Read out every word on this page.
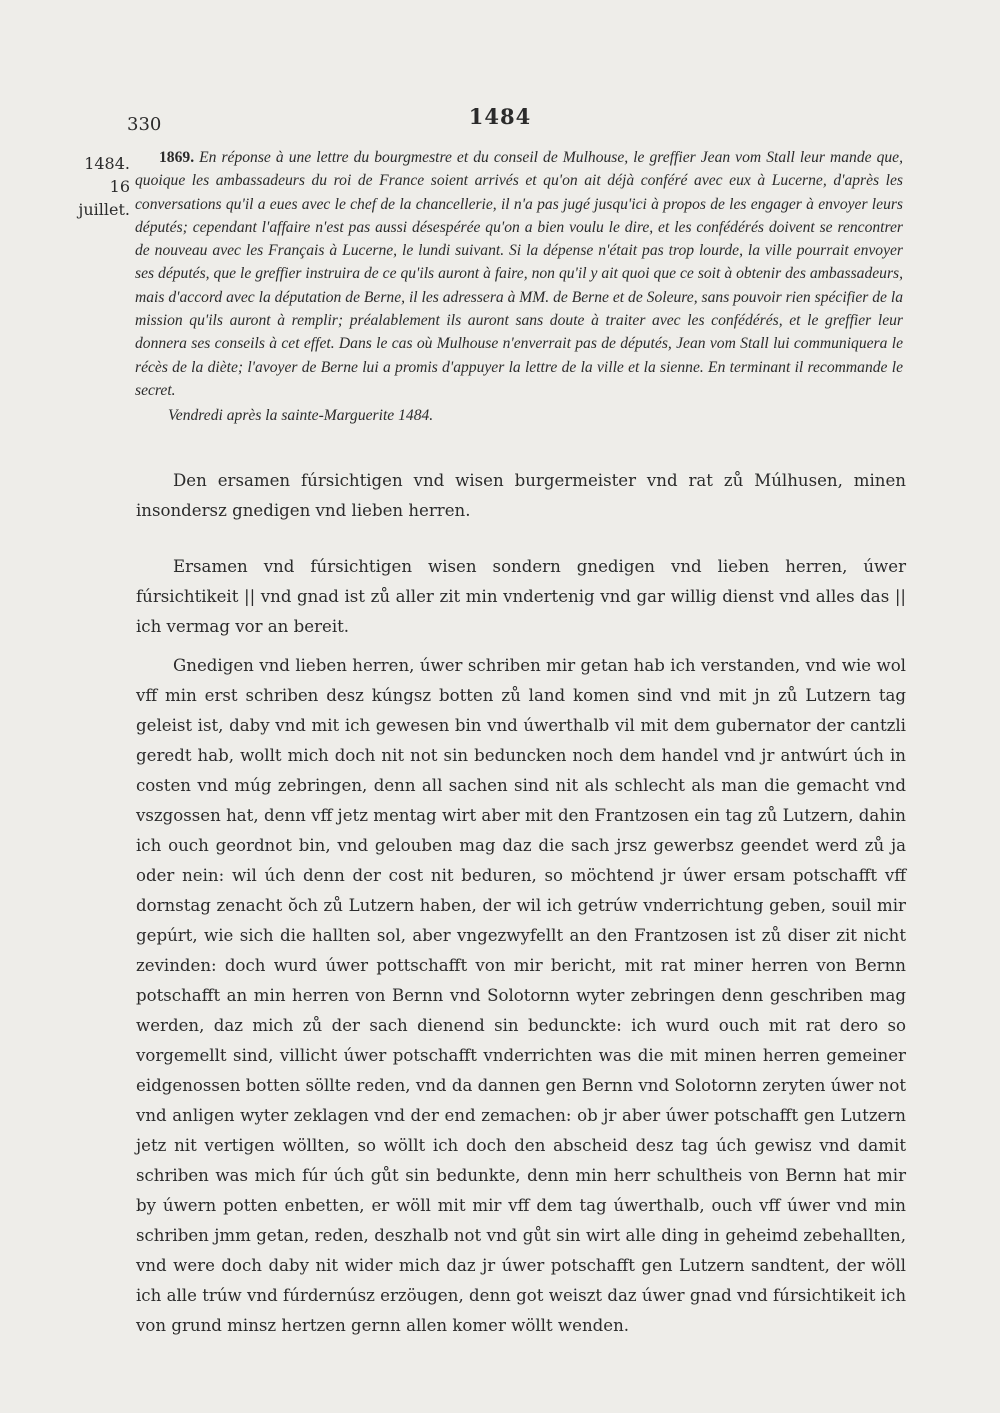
330	1484
1484.
16 juillet.
1869. En réponse à une lettre du bourgmestre et du conseil de Mulhouse, le greffier Jean vom Stall leur mande que, quoique les ambassadeurs du roi de France soient arrivés et qu'on ait déjà conféré avec eux à Lucerne, d'après les conversations qu'il a eues avec le chef de la chancellerie, il n'a pas jugé jusqu'ici à propos de les engager à envoyer leurs députés; cependant l'affaire n'est pas aussi désespérée qu'on a bien voulu le dire, et les confédérés doivent se rencontrer de nouveau avec les Français à Lucerne, le lundi suivant. Si la dépense n'était pas trop lourde, la ville pourrait envoyer ses députés, que le greffier instruira de ce qu'ils auront à faire, non qu'il y ait quoi que ce soit à obtenir des ambassadeurs, mais d'accord avec la députation de Berne, il les adressera à MM. de Berne et de Soleure, sans pouvoir rien spécifier de la mission qu'ils auront à remplir; préalablement ils auront sans doute à traiter avec les confédérés, et le greffier leur donnera ses conseils à cet effet. Dans le cas où Mulhouse n'enverrait pas de députés, Jean vom Stall lui communiquera le récès de la diète; l'avoyer de Berne lui a promis d'appuyer la lettre de la ville et la sienne. En terminant il recommande le secret.
Vendredi après la sainte-Marguerite 1484.

Den ersamen fúrsichtigen vnd wisen burgermeister vnd rat zů Múlhusen, minen insondersz gnedigen vnd lieben herren.

Ersamen vnd fúrsichtigen wisen sondern gnedigen vnd lieben herren, úwer fúrsichtikeit || vnd gnad ist zů aller zit min vndertenig vnd gar willig dienst vnd alles das || ich vermag vor an bereit.

Gnedigen vnd lieben herren, úwer schriben mir getan hab ich verstanden, vnd wie wol vff min erst schriben desz kúngsz botten zů land komen sind vnd mit jn zů Lutzern tag geleist ist, daby vnd mit ich gewesen bin vnd úwerthalb vil mit dem gubernator der cantzli geredt hab, wollt mich doch nit not sin beduncken noch dem handel vnd jr antwúrt úch in costen vnd múg zebringen, denn all sachen sind nit als schlecht als man die gemacht vnd vszgossen hat, denn vff jetz mentag wirt aber mit den Frantzosen ein tag zů Lutzern, dahin ich ouch geordnot bin, vnd gelouben mag daz die sach jrsz gewerbsz geendet werd zů ja oder nein: wil úch denn der cost nit beduren, so möchtend jr úwer ersam potschafft vff dornstag zenacht ŏch zů Lutzern haben, der wil ich getrúw vnderrichtung geben, souil mir gepúrt, wie sich die hallten sol, aber vngezwyfellt an den Frantzosen ist zů diser zit nicht zevinden: doch wurd úwer pottschafft von mir bericht, mit rat miner herren von Bernn potschafft an min herren von Bernn vnd Solotornn wyter zebringen denn geschriben mag werden, daz mich zů der sach dienend sin bedunckte: ich wurd ouch mit rat dero so vorgemellt sind, villicht úwer potschafft vnderrichten was die mit minen herren gemeiner eidgenossen botten söllte reden, vnd da dannen gen Bernn vnd Solotornn zeryten úwer not vnd anligen wyter zeklagen vnd der end zemachen: ob jr aber úwer potschafft gen Lutzern jetz nit vertigen wöllten, so wöllt ich doch den abscheid desz tag úch gewisz vnd damit schriben was mich fúr úch gůt sin bedunkte, denn min herr schultheis von Bernn hat mir by úwern potten enbetten, er wöll mit mir vff dem tag úwerthalb, ouch vff úwer vnd min schriben jmm getan, reden, deszhalb not vnd gůt sin wirt alle ding in geheimd zebehallten, vnd were doch daby nit wider mich daz jr úwer potschafft gen Lutzern sandtent, der wöll ich alle trúw vnd fúrdernúsz erzöugen, denn got weiszt daz úwer gnad vnd fúrsichtikeit ich von grund minsz hertzen gernn allen komer wöllt wenden.
